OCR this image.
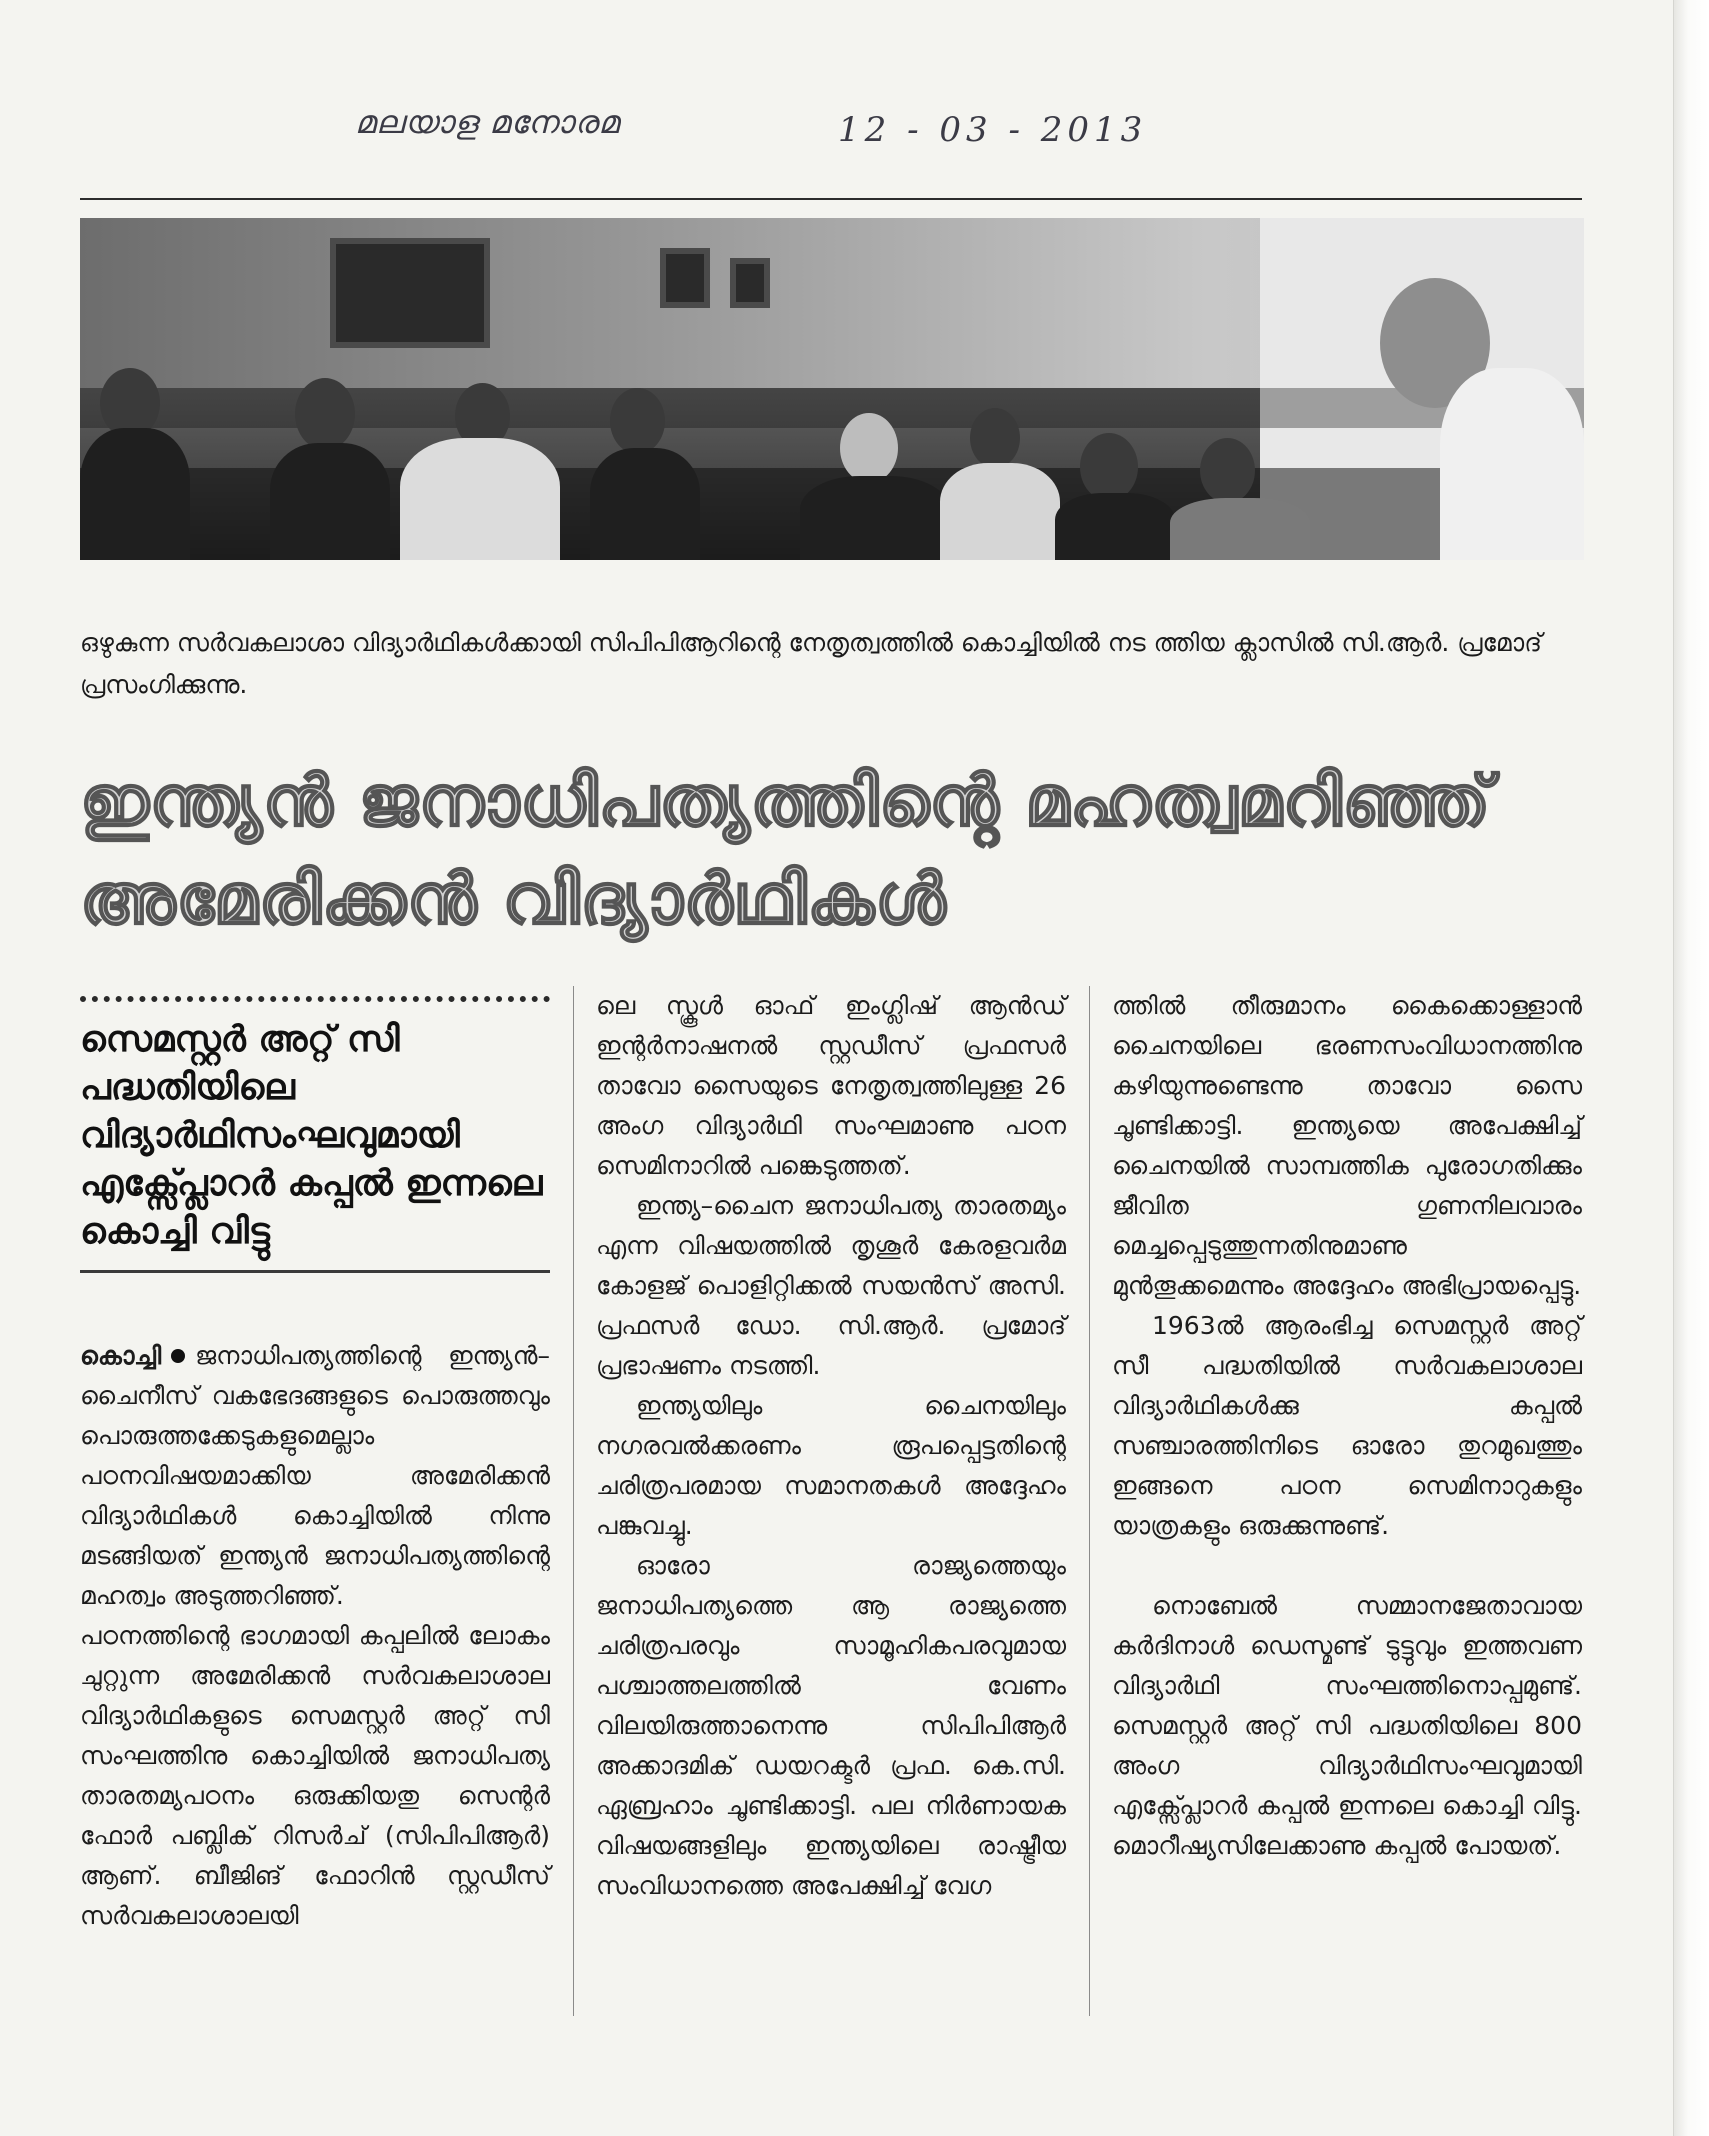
മലയാള മനോരമ	12 - 03 - 2013
ഒഴുകുന്ന സർവകലാശാ വിദ്യാർഥികൾക്കായി സിപിപിആറിന്റെ നേതൃത്വത്തിൽ കൊച്ചിയിൽ നട ത്തിയ ക്ലാസിൽ സി.ആർ. പ്രമോദ് പ്രസംഗിക്കുന്നു.
ഇന്ത്യൻ ജനാധിപത്യത്തിന്റെ മഹത്വമറിഞ്ഞ്
അമേരിക്കൻ വിദ്യാർഥികൾ
സെമസ്റ്റർ അറ്റ് സി പദ്ധതിയിലെ വിദ്യാർഥിസംഘവുമായി എക്സ്പ്ലോറർ കപ്പൽ ഇന്നലെ കൊച്ചി വിട്ടു

കൊച്ചി ജനാധിപത്യത്തിന്റെ ഇന്ത്യൻ–ചൈനീസ് വകഭേദങ്ങളുടെ പൊരുത്തവും പൊരുത്തക്കേടുകളുമെല്ലാം പഠനവിഷയമാക്കിയ അമേരിക്കൻ വിദ്യാർഥികൾ കൊച്ചിയിൽ നിന്നു മടങ്ങിയത് ഇന്ത്യൻ ജനാധിപത്യത്തിന്റെ മഹത്വം അടുത്തറിഞ്ഞ്.

പഠനത്തിന്റെ ഭാഗമായി കപ്പലിൽ ലോകം ചുറ്റുന്ന അമേരിക്കൻ സർവകലാശാല വിദ്യാർഥികളുടെ സെമസ്റ്റർ അറ്റ് സി സംഘത്തിനു കൊച്ചിയിൽ ജനാധിപത്യ താരതമ്യപഠനം ഒരുക്കിയതു സെന്റർ ഫോർ പബ്ലിക് റിസർച് (സിപിപിആർ) ആണ്. ബീജിങ് ഫോറിൻ സ്റ്റഡീസ് സർവകലാശാലയി

ലെ സ്കൂൾ ഓഫ് ഇംഗ്ലിഷ് ആൻഡ് ഇന്റർനാഷനൽ സ്റ്റഡീസ് പ്രഫസർ താവോ സൈയുടെ നേതൃത്വത്തിലുള്ള 26 അംഗ വിദ്യാർഥി സംഘമാണു പഠന സെമിനാറിൽ പങ്കെടുത്തത്.

ഇന്ത്യ–ചൈന ജനാധിപത്യ താരതമ്യം എന്ന വിഷയത്തിൽ തൃശൂർ കേരളവർമ കോളജ് പൊളിറ്റിക്കൽ സയൻസ് അസി. പ്രഫസർ ഡോ. സി.ആർ. പ്രമോദ് പ്രഭാഷണം നടത്തി.

ഇന്ത്യയിലും ചൈനയിലും നഗരവൽക്കരണം രൂപപ്പെട്ടതിന്റെ ചരിത്രപരമായ സമാനതകൾ അദ്ദേഹം പങ്കുവച്ചു.

ഓരോ രാജ്യത്തെയും ജനാധിപത്യത്തെ ആ രാജ്യത്തെ ചരിത്രപരവും സാമൂഹികപരവുമായ പശ്ചാത്തലത്തിൽ വേണം വിലയിരുത്താനെന്നു സിപിപിആർ അക്കാദമിക് ഡയറക്ടർ പ്രഫ. കെ.സി. ഏബ്രഹാം ചൂണ്ടിക്കാട്ടി. പല നിർണായക വിഷയങ്ങളിലും ഇന്ത്യയിലെ രാഷ്ട്രീയ സംവിധാനത്തെ അപേക്ഷിച്ച് വേഗ

ത്തിൽ തീരുമാനം കൈക്കൊള്ളാൻ ചൈനയിലെ ഭരണസംവിധാനത്തിനു കഴിയുന്നുണ്ടെന്നു താവോ സൈ ചൂണ്ടിക്കാട്ടി. ഇന്ത്യയെ അപേക്ഷിച്ച് ചൈനയിൽ സാമ്പത്തിക പുരോഗതിക്കും ജീവിത ഗുണനിലവാരം മെച്ചപ്പെടുത്തുന്നതിനുമാണു മുൻതൂക്കമെന്നും അദ്ദേഹം അഭിപ്രായപ്പെട്ടു.

1963ൽ ആരംഭിച്ച സെമസ്റ്റർ അറ്റ് സീ പദ്ധതിയിൽ സർവകലാശാല വിദ്യാർഥികൾക്കു കപ്പൽ സഞ്ചാരത്തിനിടെ ഓരോ തുറമുഖത്തും ഇങ്ങനെ പഠന സെമിനാറുകളും യാത്രകളും ഒരുക്കുന്നുണ്ട്.

നൊബേൽ സമ്മാനജേതാവായ കർദിനാൾ ഡെസ്മണ്ട് ടുട്ടുവും ഇത്തവണ വിദ്യാർഥി സംഘത്തിനൊപ്പമുണ്ട്. സെമസ്റ്റർ അറ്റ് സി പദ്ധതിയിലെ 800 അംഗ വിദ്യാർഥിസംഘവുമായി എക്സ്പ്ലോറർ കപ്പൽ ഇന്നലെ കൊച്ചി വിട്ടു. മൊറീഷ്യസിലേക്കാണു കപ്പൽ പോയത്.
